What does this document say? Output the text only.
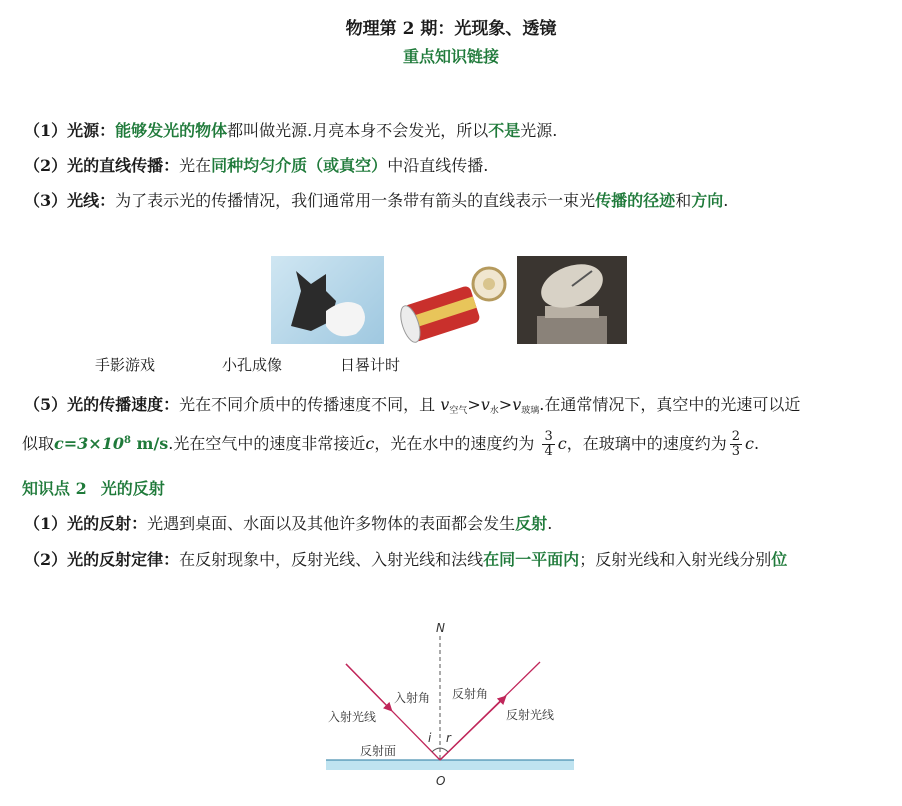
物理第 2 期：光现象、透镜
重点知识链接
（1）光源：能够发光的物体都叫做光源.月亮本身不会发光，所以不是光源.
（2）光的直线传播：光在同种均匀介质（或真空）中沿直线传播.
（3）光线：为了表示光的传播情况，我们通常用一条带有箭头的直线表示一束光传播的径迹和方向.
手影游戏	小孔成像	日晷计时
（5）光的传播速度：光在不同介质中的传播速度不同，且 $v_{空气}>v_水>v_{玻璃}$.在通常情况下，真空中的光速可以近
似取$c=3\times 10^8$ m/s.光在空气中的速度非常接近c，光在水中的速度约为 $\frac{3}{4}$ c，在玻璃中的速度约为 $\frac{2}{3} c$.
知识点 2 光的反射
（1）光的反射：光遇到桌面、水面以及其他许多物体的表面都会发生反射.
（2）光的反射定律：在反射现象中，反射光线、入射光线和法线在同一平面内；反射光线和入射光线分别位
N
O
i r
入射角 反射角
入射光线	反射光线
反射面
